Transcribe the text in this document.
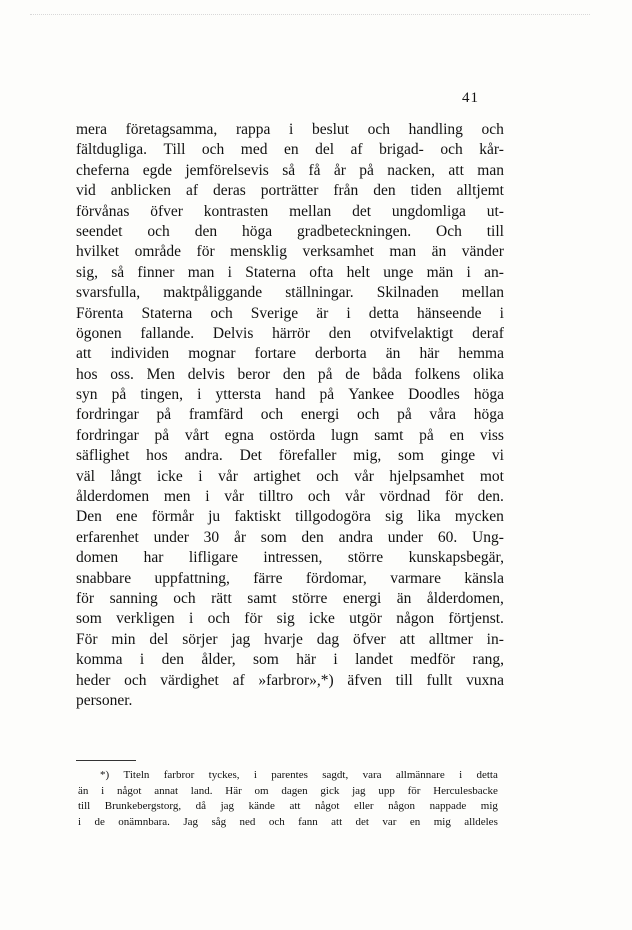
41
mera företagsamma, rappa i beslut och handling och
fältdugliga. Till och med en del af brigad- och kår-
cheferna egde jemförelsevis så få år på nacken, att man
vid anblicken af deras porträtter från den tiden alltjemt
förvånas öfver kontrasten mellan det ungdomliga ut-
seendet och den höga gradbeteckningen. Och till
hvilket område för mensklig verksamhet man än vänder
sig, så finner man i Staterna ofta helt unge män i an-
svarsfulla, maktpåliggande ställningar. Skilnaden mellan
Förenta Staterna och Sverige är i detta hänseende i
ögonen fallande. Delvis härrör den otvifvelaktigt deraf
att individen mognar fortare derborta än här hemma
hos oss. Men delvis beror den på de båda folkens olika
syn på tingen, i yttersta hand på Yankee Doodles höga
fordringar på framfärd och energi och på våra höga
fordringar på vårt egna ostörda lugn samt på en viss
säflighet hos andra. Det förefaller mig, som ginge vi
väl långt icke i vår artighet och vår hjelpsamhet mot
ålderdomen men i vår tilltro och vår vördnad för den.
Den ene förmår ju faktiskt tillgodogöra sig lika mycken
erfarenhet under 30 år som den andra under 60. Ung-
domen har lifligare intressen, större kunskapsbegär,
snabbare uppfattning, färre fördomar, varmare känsla
för sanning och rätt samt större energi än ålderdomen,
som verkligen i och för sig icke utgör någon förtjenst.
För min del sörjer jag hvarje dag öfver att alltmer in-
komma i den ålder, som här i landet medför rang,
heder och värdighet af »farbror»,*) äfven till fullt vuxna
personer.
*) Titeln farbror tyckes, i parentes sagdt, vara allmännare i detta
än i något annat land. Här om dagen gick jag upp för Herculesbacke
till Brunkebergstorg, då jag kände att något eller någon nappade mig
i de onämnbara. Jag såg ned och fann att det var en mig alldeles
